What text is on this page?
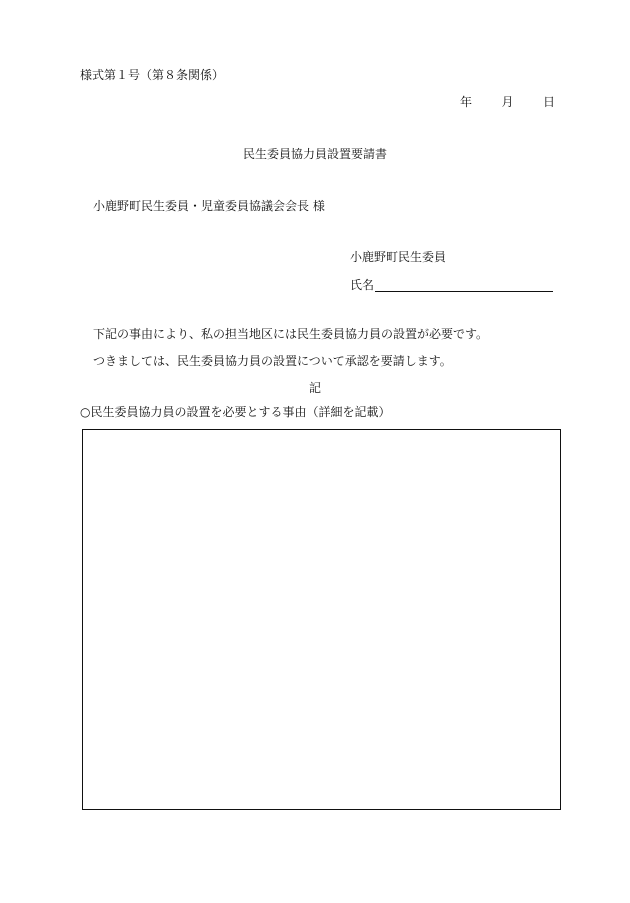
様式第１号（第８条関係）
年 月 日
民生委員協力員設置要請書
小鹿野町民生委員・児童委員協議会会長 様
小鹿野町民生委員
氏名
下記の事由により、私の担当地区には民生委員協力員の設置が必要です。
つきましては、民生委員協力員の設置について承認を要請します。
記
○民生委員協力員の設置を必要とする事由（詳細を記載）
